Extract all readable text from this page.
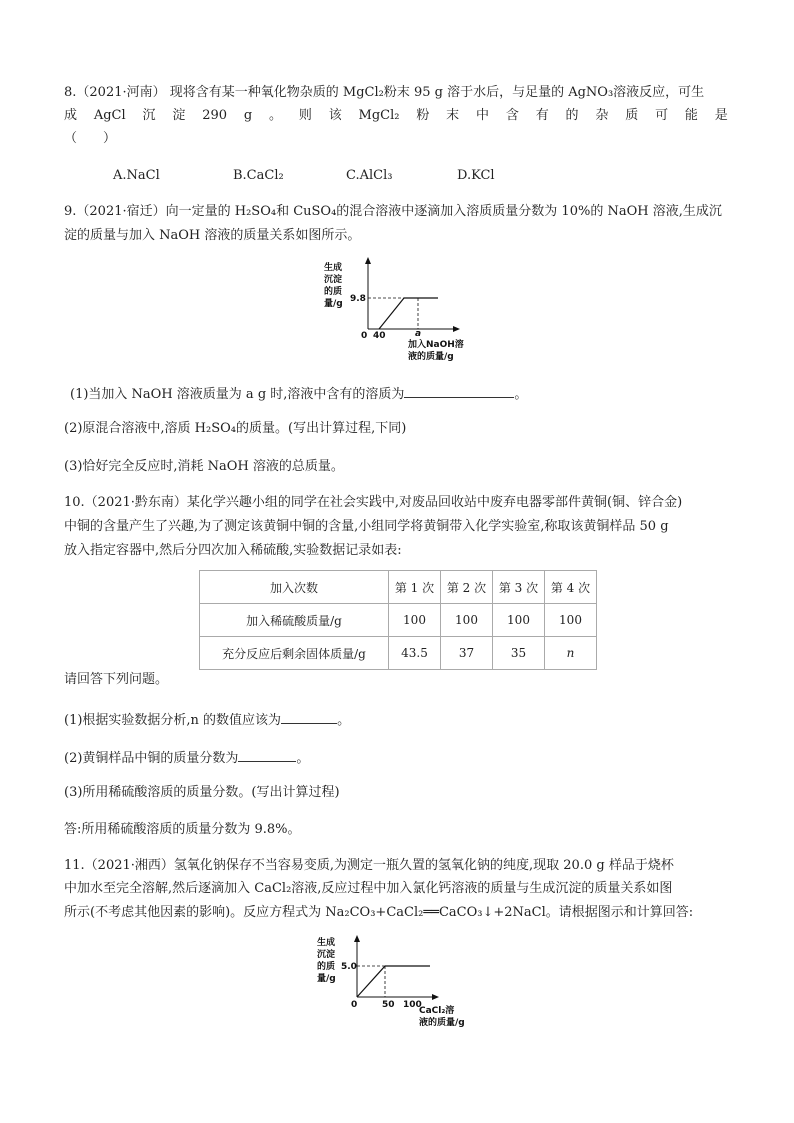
8.（2021·河南） 现将含有某一种氧化物杂质的 MgCl₂粉末 95 g 溶于水后，与足量的 AgNO₃溶液反应，可生
成 AgCl 沉 淀 290 g 。 则 该 MgCl₂ 粉 末 中 含 有 的 杂 质 可 能 是
（　　）
A.NaCl	B.CaCl₂	C.AlCl₃	D.KCl
9.（2021·宿迁）向一定量的 H₂SO₄和 CuSO₄的混合溶液中逐滴加入溶质质量分数为 10%的 NaOH 溶液,生成沉
淀的质量与加入 NaOH 溶液的质量关系如图所示。
生成
沉淀
的质
量/g 9.8
0 40	a
加入NaOH溶
液的质量/g
(1)当加入 NaOH 溶液质量为 a g 时,溶液中含有的溶质为	。
(2)原混合溶液中,溶质 H₂SO₄的质量。(写出计算过程,下同)
(3)恰好完全反应时,消耗 NaOH 溶液的总质量。
10.（2021·黔东南）某化学兴趣小组的同学在社会实践中,对废品回收站中废弃电器零部件黄铜(铜、锌合金)
中铜的含量产生了兴趣,为了测定该黄铜中铜的含量,小组同学将黄铜带入化学实验室,称取该黄铜样品 50 g
放入指定容器中,然后分四次加入稀硫酸,实验数据记录如表:
加入次数	第 1 次	第 2 次	第 3 次	第 4 次
加入稀硫酸质量/g	100	100	100	100
充分反应后剩余固体质量/g	43.5	37	35	n
请回答下列问题。
(1)根据实验数据分析,n 的数值应该为	。
(2)黄铜样品中铜的质量分数为	。
(3)所用稀硫酸溶质的质量分数。(写出计算过程)
答:所用稀硫酸溶质的质量分数为 9.8%。
11.（2021·湘西）氢氧化钠保存不当容易变质,为测定一瓶久置的氢氧化钠的纯度,现取 20.0 g 样品于烧杯
中加水至完全溶解,然后逐滴加入 CaCl₂溶液,反应过程中加入氯化钙溶液的质量与生成沉淀的质量关系如图
所示(不考虑其他因素的影响)。反应方程式为 Na₂CO₃+CaCl₂══CaCO₃↓+2NaCl。请根据图示和计算回答:
生成
沉淀
的质
量/g
5.0
0	50 100
CaCl₂溶
液的质量/g
